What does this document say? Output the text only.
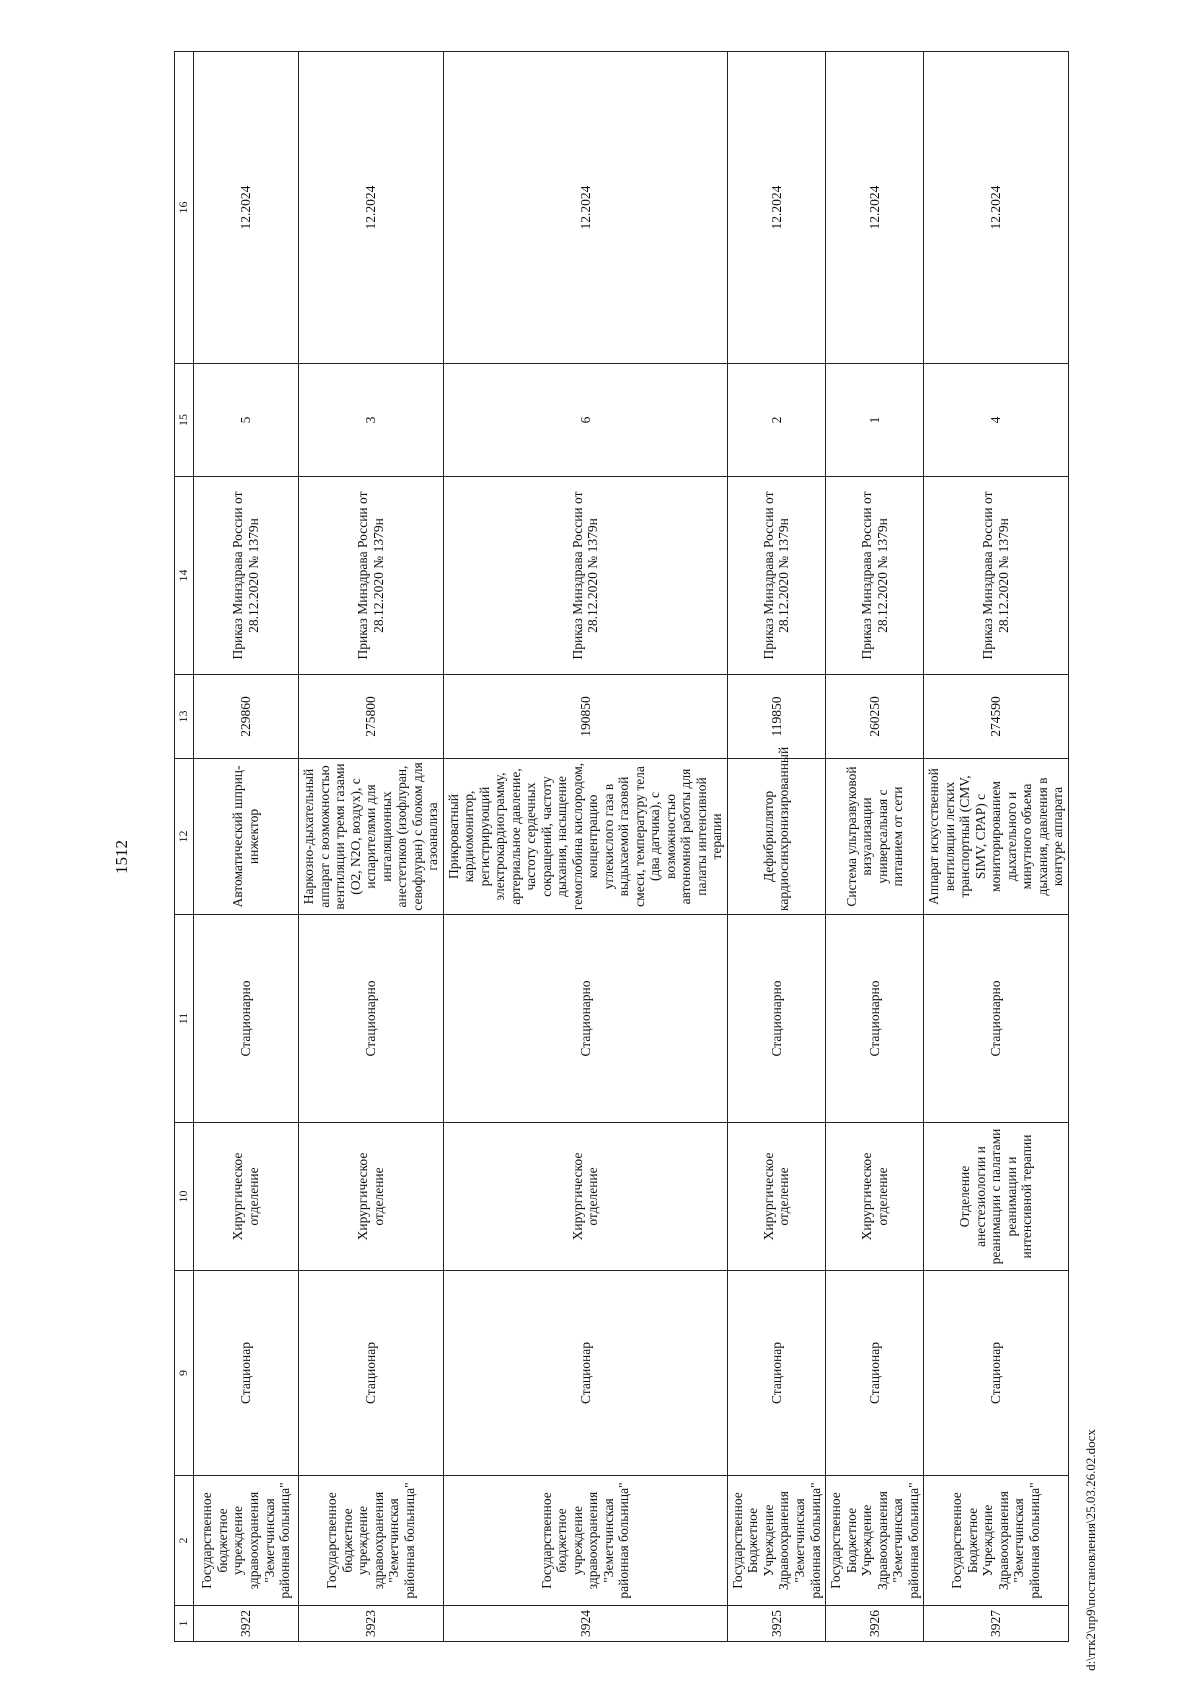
1512
1	2	9	10	11	12	13	14	15	16
3922	Государственное бюджетное учреждение здравоохранения "Земетчинская районная больница"	Стационар	Хирургическое отделение	Стационарно	Автоматический шприц-инжектор	229860	Приказ Минздрава России от 28.12.2020 № 1379н	5	12.2024
3923	Государственное бюджетное учреждение здравоохранения "Земетчинская районная больница"	Стационар	Хирургическое отделение	Стационарно	Наркозно-дыхательный аппарат с возможностью вентиляции тремя газами (O2, N2O, воздух), с испарителями для ингаляционных анестетиков (изофлуран, севофлуран) с блоком для газоанализа	275800	Приказ Минздрава России от 28.12.2020 № 1379н	3	12.2024
3924	Государственное бюджетное учреждение здравоохранения "Земетчинская районная больница"	Стационар	Хирургическое отделение	Стационарно	Прикроватный кардиомонитор, регистрирующий электрокардиограмму, артериальное давление, частоту сердечных сокращений, частоту дыхания, насыщение гемоглобина кислородом, концентрацию углекислого газа в выдыхаемой газовой смеси, температуру тела (два датчика), с возможностью автономной работы для палаты интенсивной терапии	190850	Приказ Минздрава России от 28.12.2020 № 1379н	6	12.2024
3925	Государственное Бюджетное Учреждение Здравоохранения "Земетчинская районная больница"	Стационар	Хирургическое отделение	Стационарно	Дефибриллятор кардиосинхронизированный	119850	Приказ Минздрава России от 28.12.2020 № 1379н	2	12.2024
3926	Государственное Бюджетное Учреждение Здравоохранения "Земетчинская районная больница"	Стационар	Хирургическое отделение	Стационарно	Система ультразвуковой визуализации универсальная с питанием от сети	260250	Приказ Минздрава России от 28.12.2020 № 1379н	1	12.2024
3927	Государственное Бюджетное Учреждение Здравоохранения "Земетчинская районная больница"	Стационар	Отделение анестезиологии и реанимации с палатами реанимации и интенсивной терапии	Стационарно	Аппарат искусственной вентиляции легких транспортный (CMV, SIMV, CPAP) с мониторированием дыхательного и минутного объема дыхания, давления в контуре аппарата	274590	Приказ Минздрава России от 28.12.2020 № 1379н	4	12.2024
d:\ттк2\пр9\постановления\25.03.26.02.docx
